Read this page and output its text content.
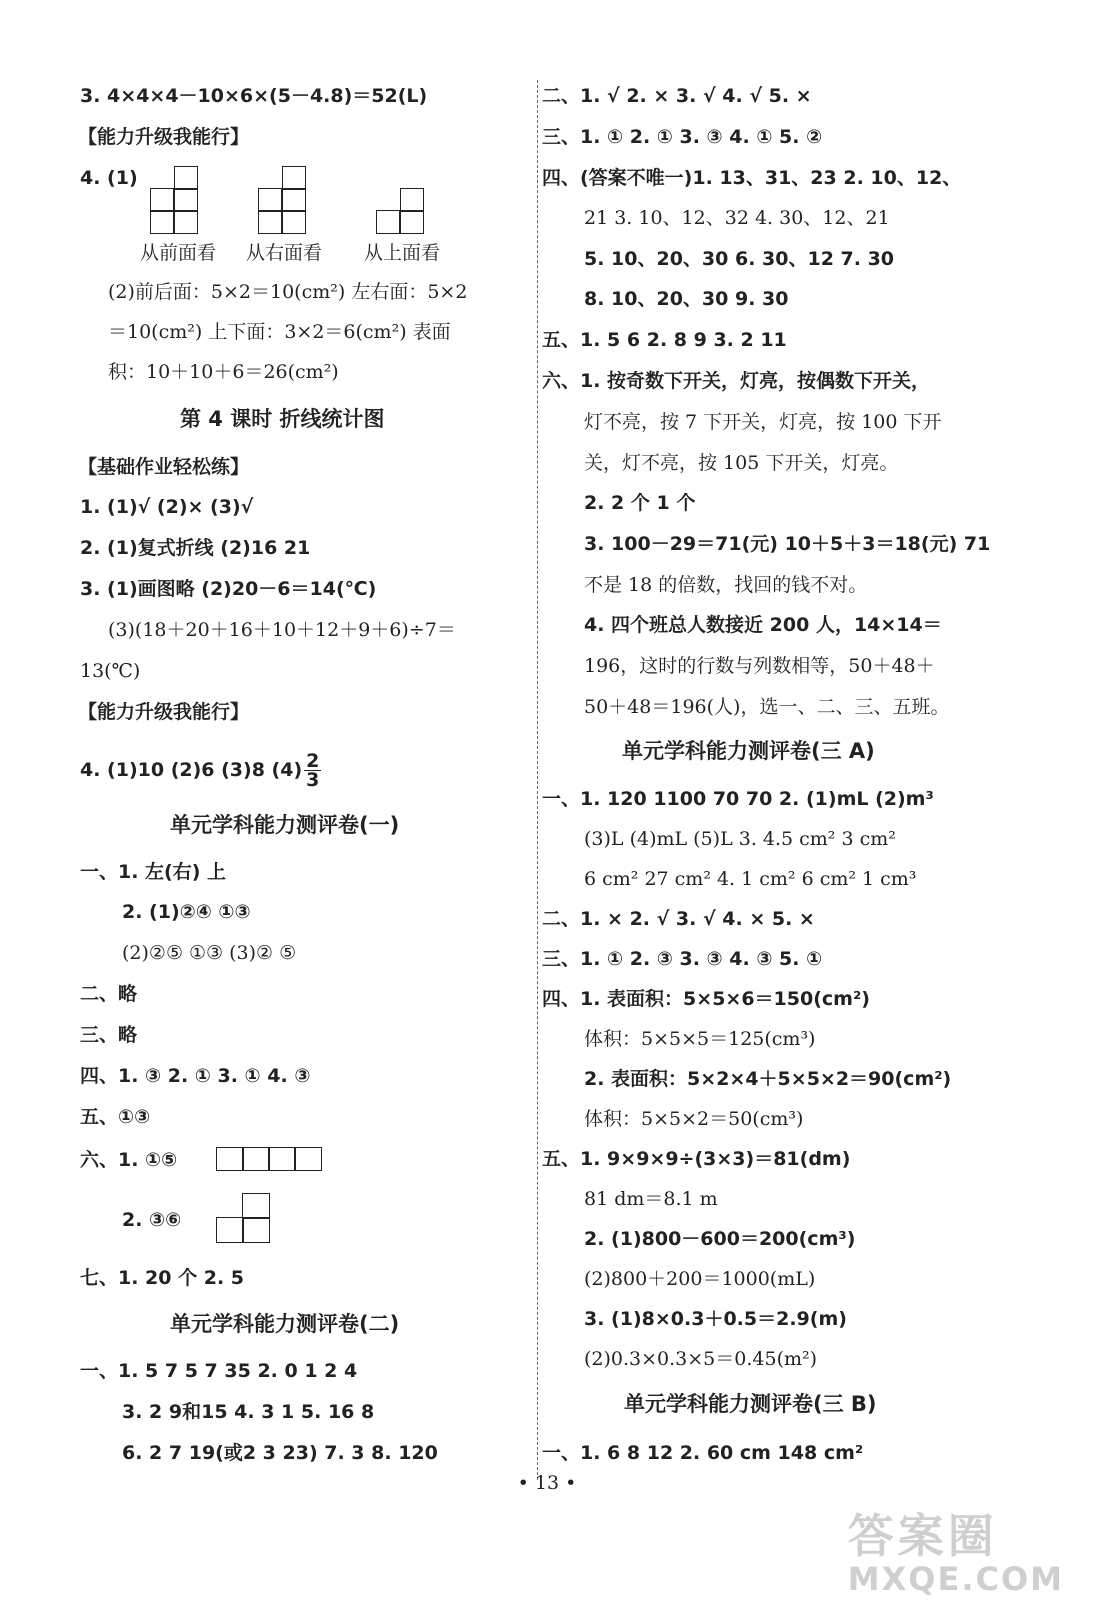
3. 4×4×4－10×6×(5－4.8)＝52(L)
【能力升级我能行】
4. (1)
从前面看 从右面看 从上面看
(2)前后面：5×2＝10(cm²) 左右面：5×2
＝10(cm²) 上下面：3×2＝6(cm²) 表面
积：10＋10＋6＝26(cm²)
第 4 课时 折线统计图
【基础作业轻松练】
1. (1)√ (2)× (3)√
2. (1)复式折线 (2)16 21
3. (1)画图略 (2)20－6＝14(℃)
(3)(18＋20＋16＋10＋12＋9＋6)÷7＝
13(℃)
【能力升级我能行】
4. (1)10 (2)6 (3)8 $(4) \frac{2}{3}$
单元学科能力测评卷(一)
一、1. 左(右) 上
2. (1)②④ ①③
(2)②⑤ ①③ (3)② ⑤
二、略
三、略
四、1. ③ 2. ① 3. ① 4. ③
五、①③
六、1. ①⑤
2. ③⑥
七、1. 20 个 2. 5
单元学科能力测评卷(二)
一、1. 5 7 5 7 35 2. 0 1 2 4
3. 2 9和15 4. 3 1 5. 16 8
6. 2 7 19(或2 3 23) 7. 3 8. 120
二、1. √ 2. × 3. √ 4. √ 5. ×
三、1. ① 2. ① 3. ③ 4. ① 5. ②
四、(答案不唯一)1. 13、31、23 2. 10、12、
21 3. 10、12、32 4. 30、12、21
5. 10、20、30 6. 30、12 7. 30
8. 10、20、30 9. 30
五、1. 5 6 2. 8 9 3. 2 11
六、1. 按奇数下开关，灯亮，按偶数下开关，
灯不亮，按 7 下开关，灯亮，按 100 下开
关，灯不亮，按 105 下开关，灯亮。
2. 2 个 1 个
3. 100－29＝71(元) 10＋5＋3＝18(元) 71
不是 18 的倍数，找回的钱不对。
4. 四个班总人数接近 200 人，14×14＝
196，这时的行数与列数相等，50＋48＋
50＋48＝196(人)，选一、二、三、五班。
单元学科能力测评卷(三 A)
一、1. 120 1100 70 70 2. (1)mL (2)m³
(3)L (4)mL (5)L 3. 4.5 cm² 3 cm²
6 cm² 27 cm² 4. 1 cm² 6 cm² 1 cm³
二、1. × 2. √ 3. √ 4. × 5. ×
三、1. ① 2. ③ 3. ③ 4. ③ 5. ①
四、1. 表面积：5×5×6＝150(cm²)
体积：5×5×5＝125(cm³)
2. 表面积：5×2×4＋5×5×2＝90(cm²)
体积：5×5×2＝50(cm³)
五、1. 9×9×9÷(3×3)＝81(dm)
81 dm＝8.1 m
2. (1)800－600＝200(cm³)
(2)800＋200＝1000(mL)
3. (1)8×0.3＋0.5＝2.9(m)
(2)0.3×0.3×5＝0.45(m²)
单元学科能力测评卷(三 B)
一、1. 6 8 12 2. 60 cm 148 cm²
• 13 •
答案圈
MXQE.COM
